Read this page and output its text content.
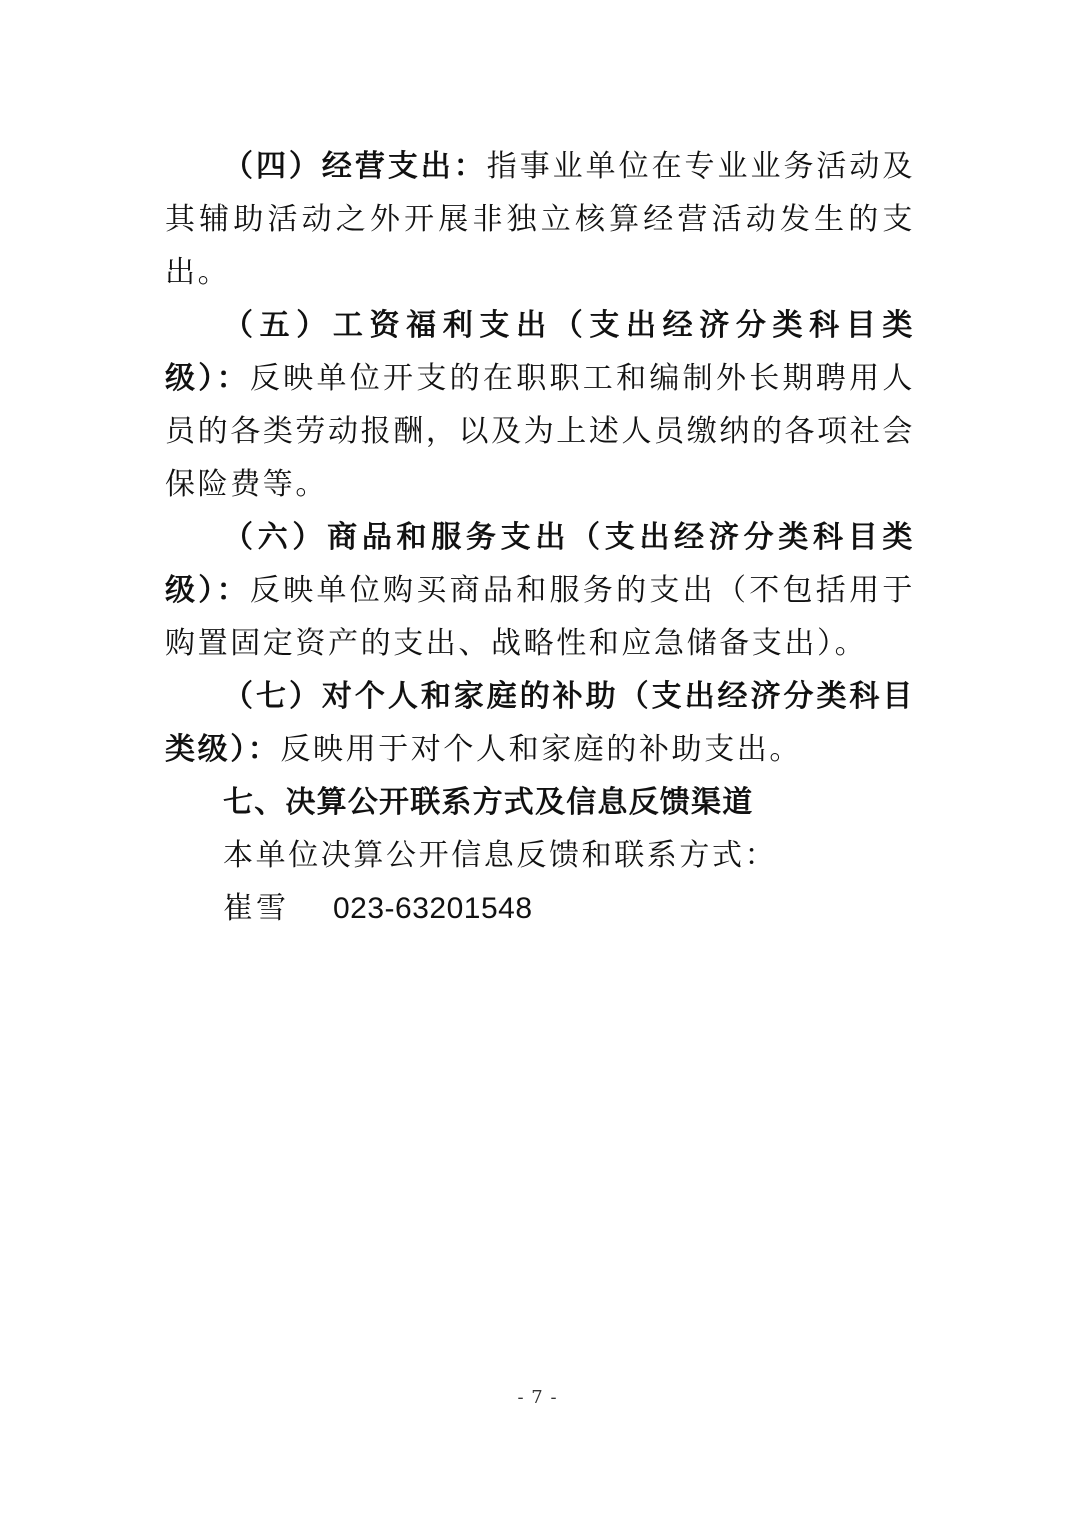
（四）经营支出：指事业单位在专业业务活动及其辅助活动之外开展非独立核算经营活动发生的支出。

（五）工资福利支出（支出经济分类科目类级）：反映单位开支的在职职工和编制外长期聘用人员的各类劳动报酬，以及为上述人员缴纳的各项社会保险费等。

（六）商品和服务支出（支出经济分类科目类级）：反映单位购买商品和服务的支出（不包括用于购置固定资产的支出、战略性和应急储备支出）。

（七）对个人和家庭的补助（支出经济分类科目类级）：反映用于对个人和家庭的补助支出。

七、决算公开联系方式及信息反馈渠道

本单位决算公开信息反馈和联系方式：

崔雪 023-63201548

- 7 -
